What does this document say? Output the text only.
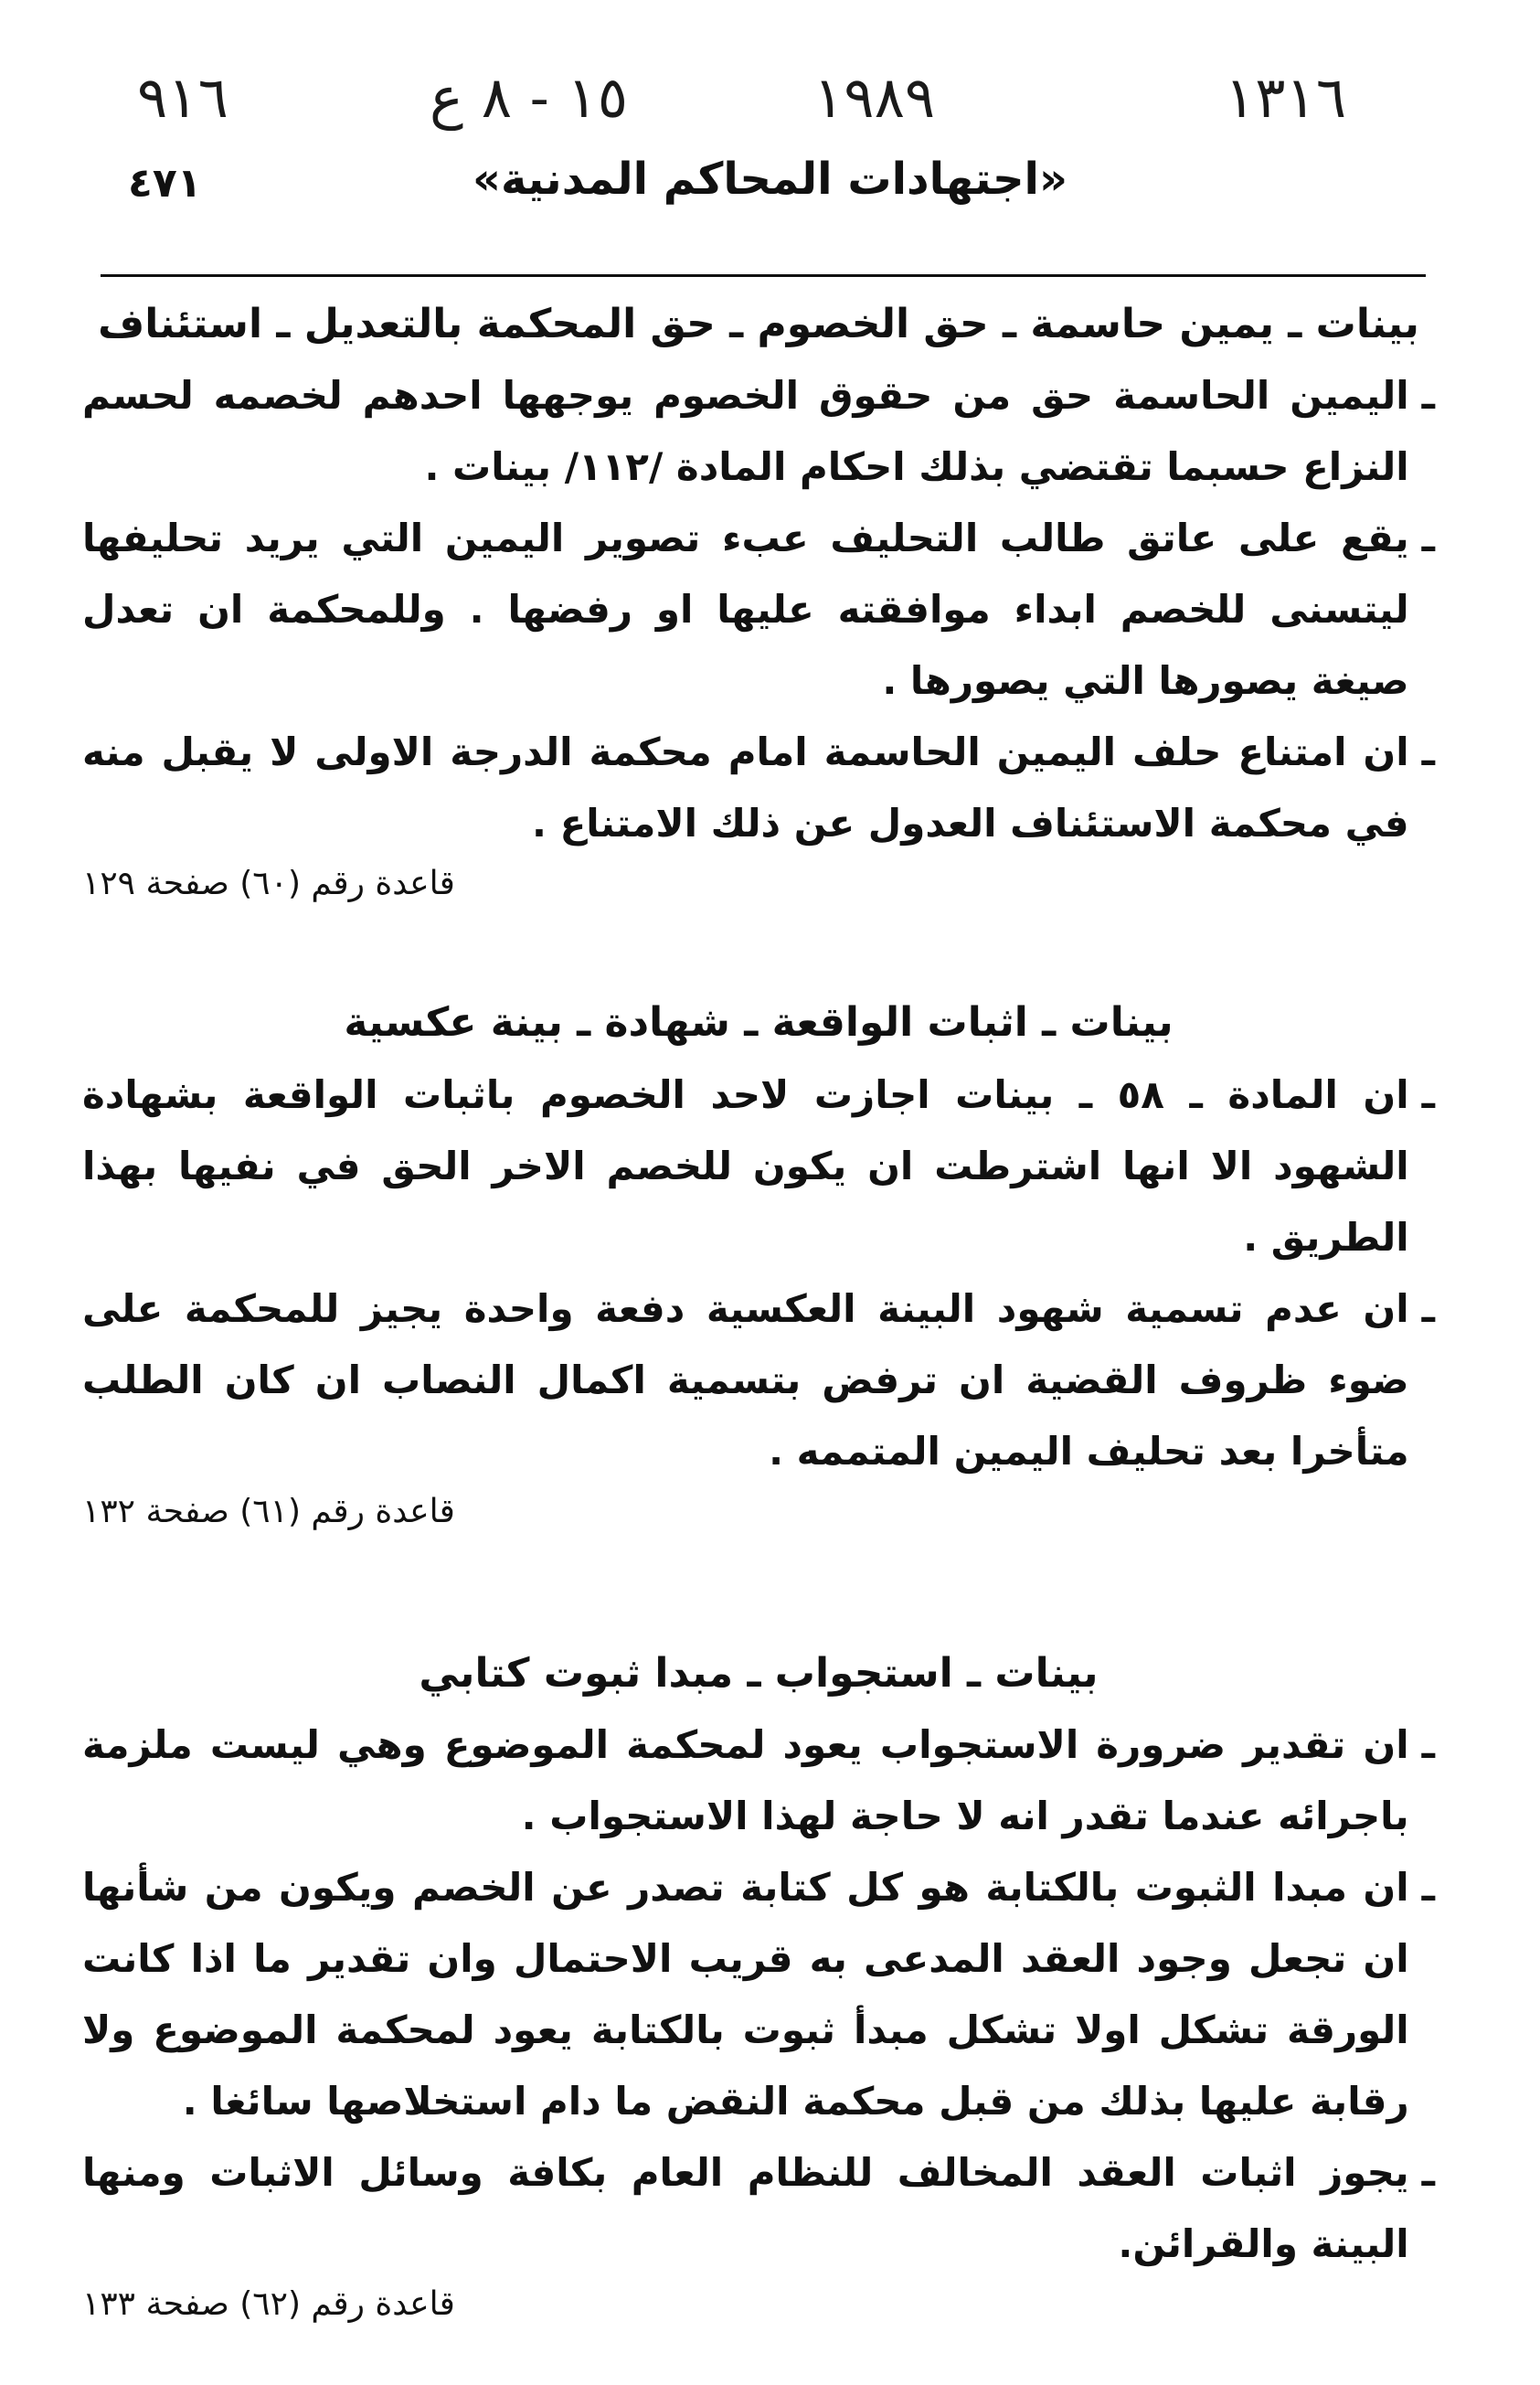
٩١٦	١٥ - ٨ ع	١٩٨٩	١٣١٦
٤٧١	«اجتهادات المحاكم المدنية»
بينات ـ يمين حاسمة ـ حق الخصوم ـ حق المحكمة بالتعديل ـ استئناف
ـ

اليمين الحاسمة حق من حقوق الخصوم يوجهها احدهم لخصمه لحسم النزاع حسبما تقتضي بذلك احكام المادة /١١٢/ بينات .

ـ

يقع على عاتق طالب التحليف عبء تصوير اليمين التي يريد تحليفها ليتسنى للخصم ابداء موافقته عليها او رفضها . وللمحكمة ان تعدل صيغة يصورها التي يصورها .

ـ

ان امتناع حلف اليمين الحاسمة امام محكمة الدرجة الاولى لا يقبل منه في محكمة الاستئناف العدول عن ذلك الامتناع .

قاعدة رقم (٦٠) صفحة ١٢٩
بينات ـ اثبات الواقعة ـ شهادة ـ بينة عكسية
ـ

ان المادة ـ ٥٨ ـ بينات اجازت لاحد الخصوم باثبات الواقعة بشهادة الشهود الا انها اشترطت ان يكون للخصم الاخر الحق في نفيها بهذا الطريق .

ـ

ان عدم تسمية شهود البينة العكسية دفعة واحدة يجيز للمحكمة على ضوء ظروف القضية ان ترفض بتسمية اكمال النصاب ان كان الطلب متأخرا بعد تحليف اليمين المتممه .

قاعدة رقم (٦١) صفحة ١٣٢
بينات ـ استجواب ـ مبدا ثبوت كتابي
ـ

ان تقدير ضرورة الاستجواب يعود لمحكمة الموضوع وهي ليست ملزمة باجرائه عندما تقدر انه لا حاجة لهذا الاستجواب .

ـ

ان مبدا الثبوت بالكتابة هو كل كتابة تصدر عن الخصم ويكون من شأنها ان تجعل وجود العقد المدعى به قريب الاحتمال وان تقدير ما اذا كانت الورقة تشكل اولا تشكل مبدأ ثبوت بالكتابة يعود لمحكمة الموضوع ولا رقابة عليها بذلك من قبل محكمة النقض ما دام استخلاصها سائغا .

ـ

يجوز اثبات العقد المخالف للنظام العام بكافة وسائل الاثبات ومنها البينة والقرائن.

قاعدة رقم (٦٢) صفحة ١٣٣
